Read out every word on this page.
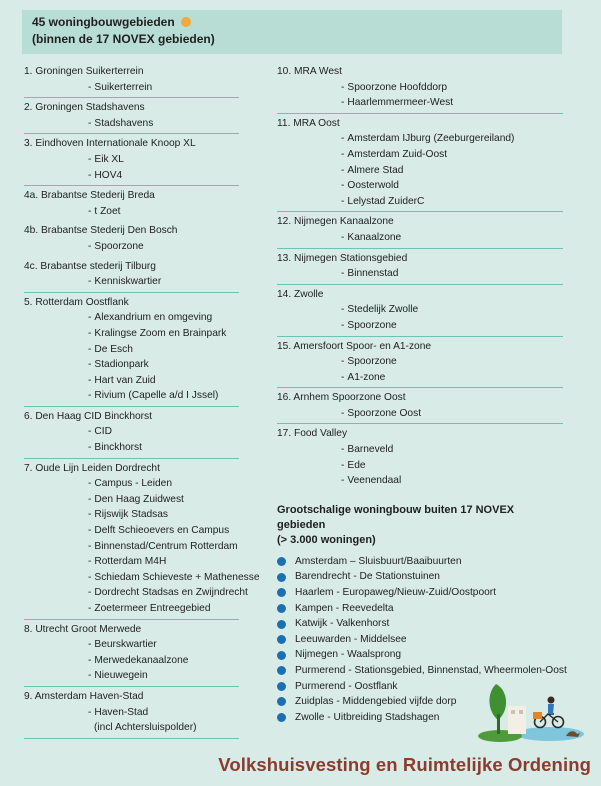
45 woningbouwgebieden
(binnen de 17 NOVEX gebieden)
1. Groningen Suikerterrein
- Suikerterrein
2. Groningen Stadshavens
- Stadshavens
3. Eindhoven Internationale Knoop XL
- Eik XL
- HOV4
4a. Brabantse Stederij Breda
- t Zoet
4b. Brabantse Stederij Den Bosch
- Spoorzone
4c. Brabantse stederij Tilburg
- Kenniskwartier
5. Rotterdam Oostflank
- Alexandrium en omgeving
- Kralingse Zoom en Brainpark
- De Esch
- Stadionpark
- Hart van Zuid
- Rivium (Capelle a/d I Jssel)
6. Den Haag CID Binckhorst
- CID
- Binckhorst
7. Oude Lijn Leiden Dordrecht
- Campus - Leiden
- Den Haag Zuidwest
- Rijswijk Stadsas
- Delft Schieoevers en Campus
- Binnenstad/Centrum Rotterdam
- Rotterdam M4H
- Schiedam Schieveste + Mathenesse
- Dordrecht Stadsas en Zwijndrecht
- Zoetermeer Entreegebied
8. Utrecht Groot Merwede
- Beurskwartier
- Merwedekanaalzone
- Nieuwegein
9. Amsterdam Haven-Stad
- Haven-Stad
(incl Achtersluispolder)
10. MRA West
- Spoorzone Hoofddorp
- Haarlemmermeer-West
11. MRA Oost
- Amsterdam IJburg (Zeeburgereiland)
- Amsterdam Zuid-Oost
- Almere Stad
- Oosterwold
- Lelystad ZuiderC
12. Nijmegen Kanaalzone
- Kanaalzone
13. Nijmegen Stationsgebied
- Binnenstad
14. Zwolle
- Stedelijk Zwolle
- Spoorzone
15. Amersfoort Spoor- en A1-zone
- Spoorzone
- A1-zone
16. Arnhem Spoorzone Oost
- Spoorzone Oost
17. Food Valley
- Barneveld
- Ede
- Veenendaal
Grootschalige woningbouw buiten 17 NOVEX gebieden
(> 3.000 woningen)
Amsterdam – Sluisbuurt/Baaibuurten
Barendrecht - De Stationstuinen
Haarlem - Europaweg/Nieuw-Zuid/Oostpoort
Kampen - Reevedelta
Katwijk - Valkenhorst
Leeuwarden - Middelsee
Nijmegen - Waalsprong
Purmerend - Stationsgebied, Binnenstad, Wheermolen-Oost
Purmerend - Oostflank
Zuidplas - Middengebied vijfde dorp
Zwolle - Uitbreiding Stadshagen
Volkshuisvesting en Ruimtelijke Ordening
